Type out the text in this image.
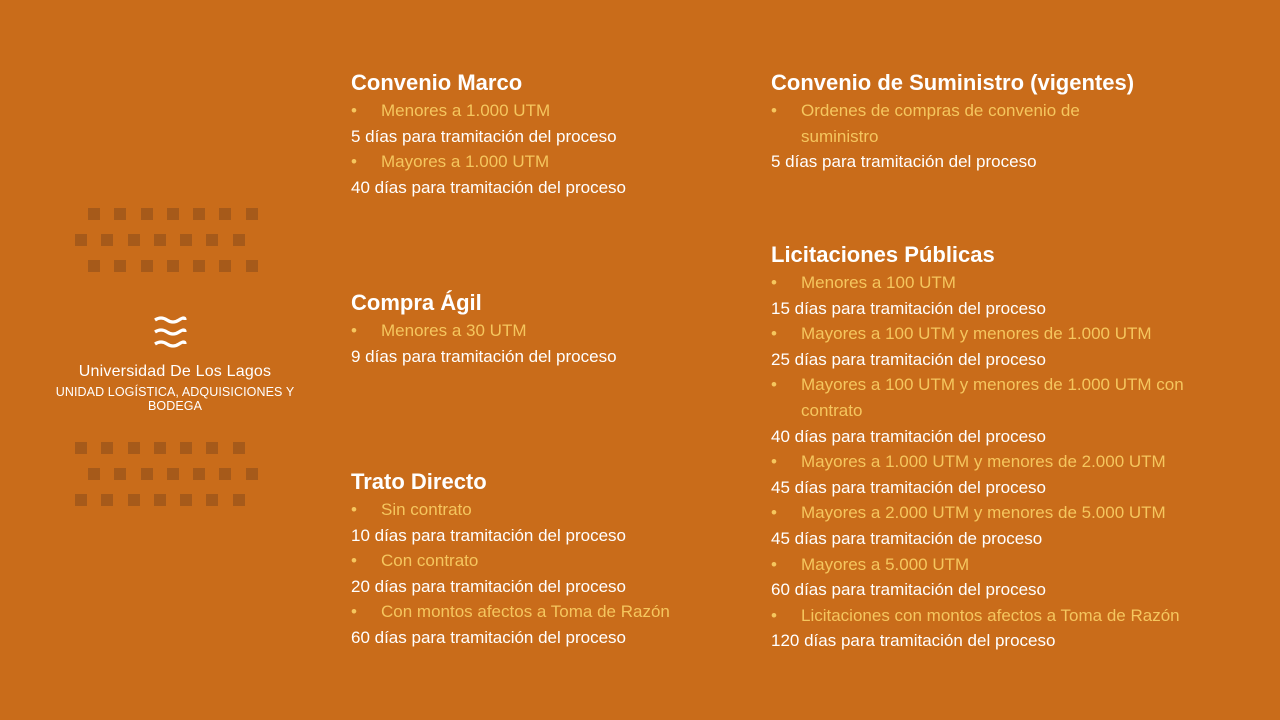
Universidad De Los Lagos
UNIDAD LOGÍSTICA, ADQUISICIONES Y BODEGA
Convenio Marco

• Menores a 1.000 UTM

5 días para tramitación del proceso

• Mayores a 1.000 UTM

40 días para tramitación del proceso

Compra Ágil

• Menores a 30 UTM

9 días para tramitación del proceso

Trato Directo

• Sin contrato

10 días para tramitación del proceso

• Con contrato

20 días para tramitación del proceso

• Con montos afectos a Toma de Razón

60 días para tramitación del proceso

Convenio de Suministro (vigentes)

• Ordenes de compras de convenio de suministro

5 días para tramitación del proceso

Licitaciones Públicas

• Menores a 100 UTM

15 días para tramitación del proceso

• Mayores a 100 UTM y menores de 1.000 UTM

25 días para tramitación del proceso

• Mayores a 100 UTM y menores de 1.000 UTM con contrato

40 días para tramitación del proceso

• Mayores a 1.000 UTM y menores de 2.000 UTM

45 días para tramitación del proceso

• Mayores a 2.000 UTM y menores de 5.000 UTM

45 días para tramitación de proceso

• Mayores a 5.000 UTM

60 días para tramitación del proceso

• Licitaciones con montos afectos a Toma de Razón

120 días para tramitación del proceso
